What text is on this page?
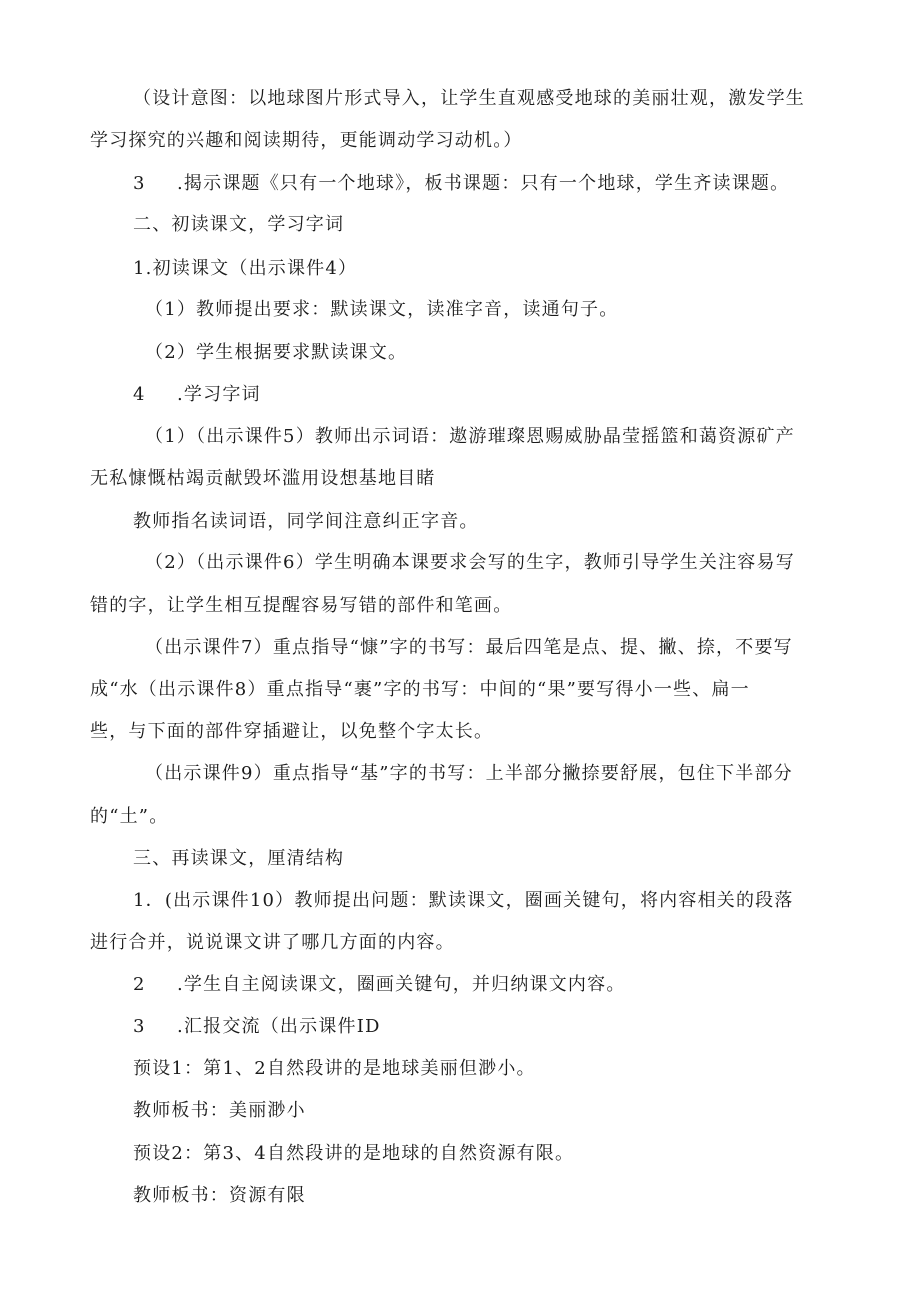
（设计意图：以地球图片形式导入，让学生直观感受地球的美丽壮观，激发学生
学习探究的兴趣和阅读期待，更能调动学习动机。）
3 .揭示课题《只有一个地球》，板书课题：只有一个地球，学生齐读课题。
二、初读课文，学习字词
1.初读课文（出示课件4）
（1）教师提出要求：默读课文，读准字音，读通句子。
（2）学生根据要求默读课文。
4 .学习字词
（1）（出示课件5）教师出示词语：遨游璀璨恩赐威胁晶莹摇篮和蔼资源矿产
无私慷慨枯竭贡献毁坏滥用设想基地目睹
教师指名读词语，同学间注意纠正字音。
（2）（出示课件6）学生明确本课要求会写的生字，教师引导学生关注容易写
错的字，让学生相互提醒容易写错的部件和笔画。
（出示课件7）重点指导“慷”字的书写：最后四笔是点、提、撇、捺，不要写
成“水（出示课件8）重点指导“裹”字的书写：中间的“果”要写得小一些、扁一
些，与下面的部件穿插避让，以免整个字太长。
（出示课件9）重点指导“基”字的书写：上半部分撇捺要舒展，包住下半部分
的“土”。
三、再读课文，厘清结构
1．(出示课件10）教师提出问题：默读课文，圈画关键句，将内容相关的段落
进行合并，说说课文讲了哪几方面的内容。
2 .学生自主阅读课文，圈画关键句，并归纳课文内容。
3 .汇报交流（出示课件ID
预设1：第1、2自然段讲的是地球美丽但渺小。
教师板书：美丽渺小
预设2：第3、4自然段讲的是地球的自然资源有限。
教师板书：资源有限
